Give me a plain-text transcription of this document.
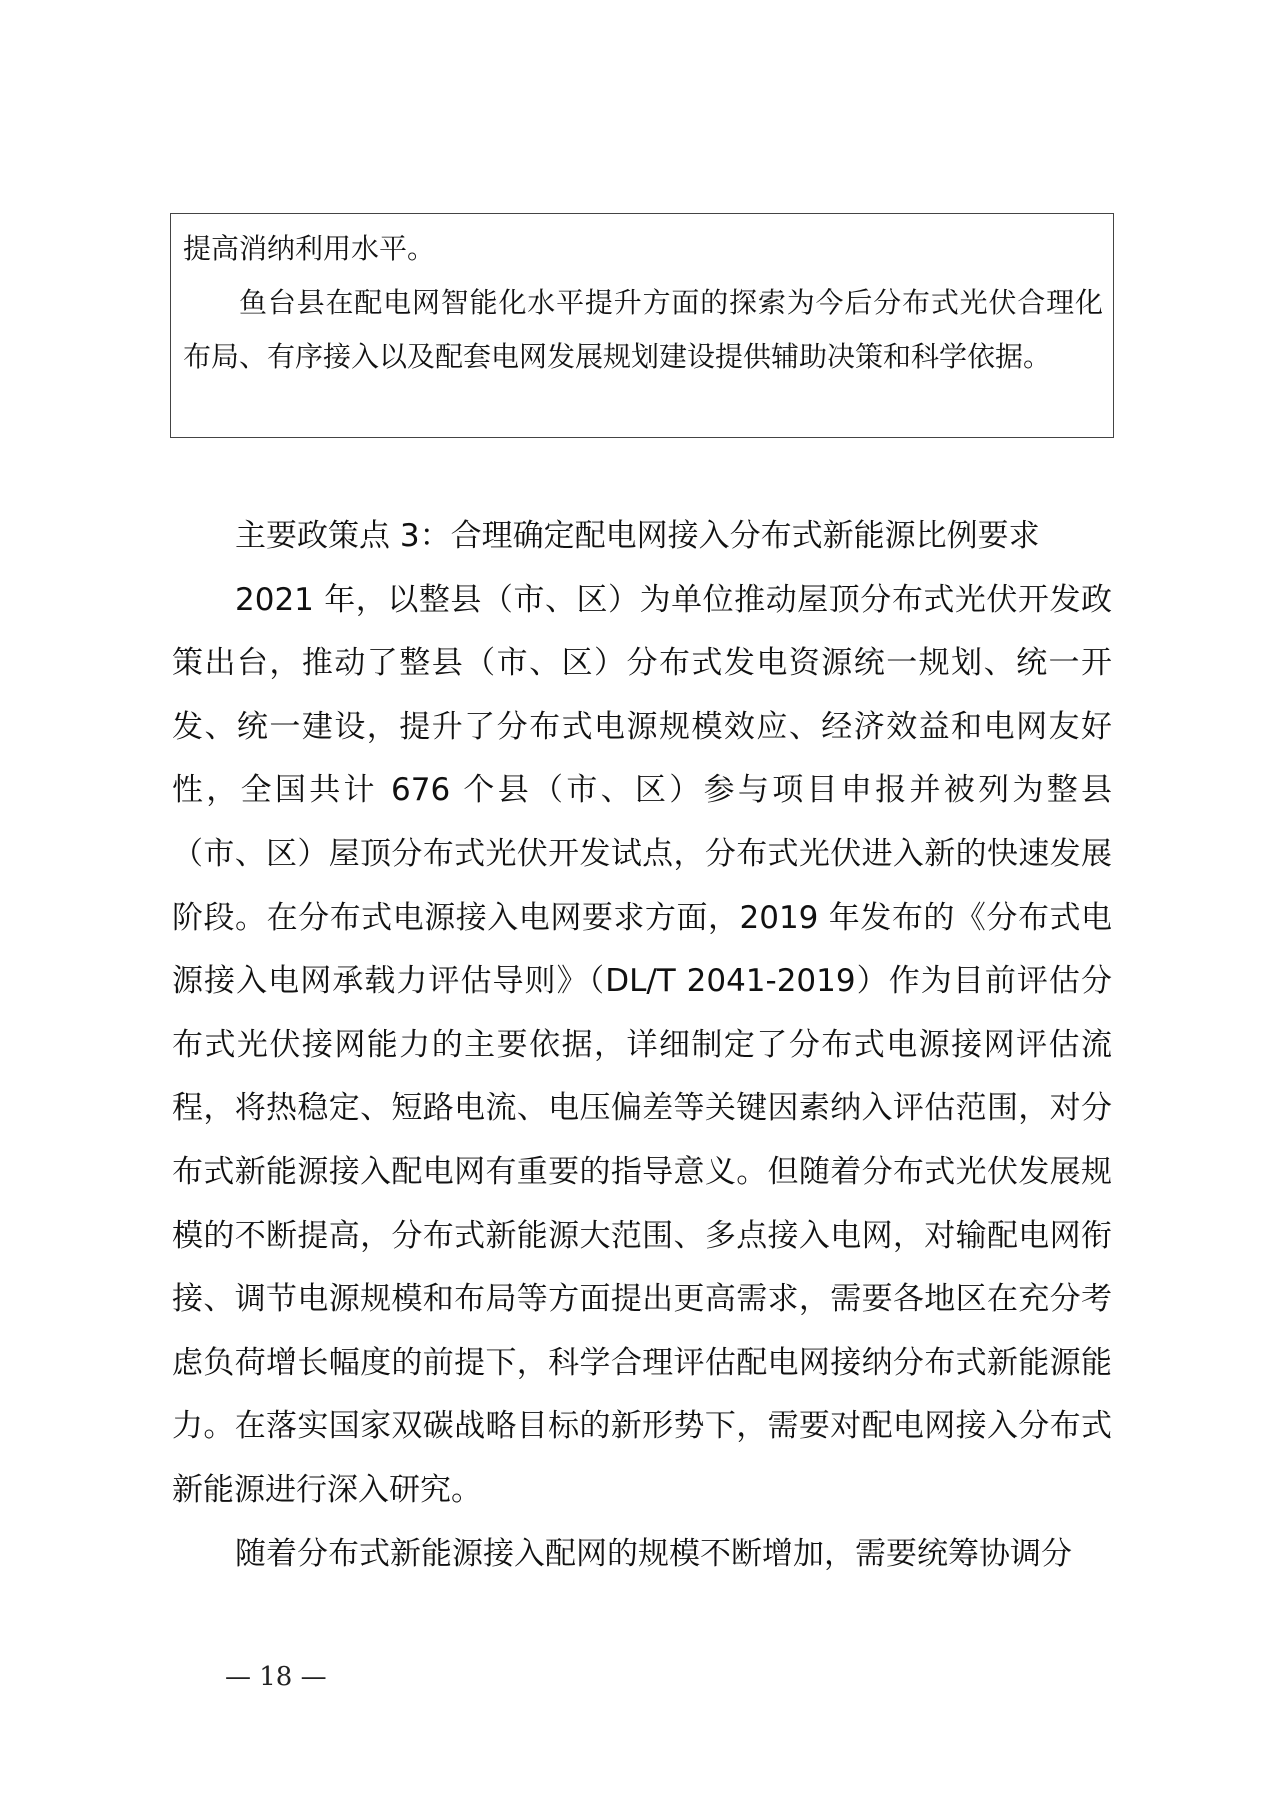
提高消纳利用水平。

鱼台县在配电网智能化水平提升方面的探索为今后分布式光伏合理化布局、有序接入以及配套电网发展规划建设提供辅助决策和科学依据。

主要政策点 3：合理确定配电网接入分布式新能源比例要求

2021 年，以整县（市、区）为单位推动屋顶分布式光伏开发政策出台，推动了整县（市、区）分布式发电资源统一规划、统一开发、统一建设，提升了分布式电源规模效应、经济效益和电网友好性，全国共计 676 个县（市、区）参与项目申报并被列为整县（市、区）屋顶分布式光伏开发试点，分布式光伏进入新的快速发展阶段。在分布式电源接入电网要求方面，2019 年发布的《分布式电源接入电网承载力评估导则》（DL/T 2041-2019）作为目前评估分布式光伏接网能力的主要依据，详细制定了分布式电源接网评估流程，将热稳定、短路电流、电压偏差等关键因素纳入评估范围，对分布式新能源接入配电网有重要的指导意义。但随着分布式光伏发展规模的不断提高，分布式新能源大范围、多点接入电网，对输配电网衔接、调节电源规模和布局等方面提出更高需求，需要各地区在充分考虑负荷增长幅度的前提下，科学合理评估配电网接纳分布式新能源能力。在落实国家双碳战略目标的新形势下，需要对配电网接入分布式新能源进行深入研究。

随着分布式新能源接入配网的规模不断增加，需要统筹协调分

— 18 —
